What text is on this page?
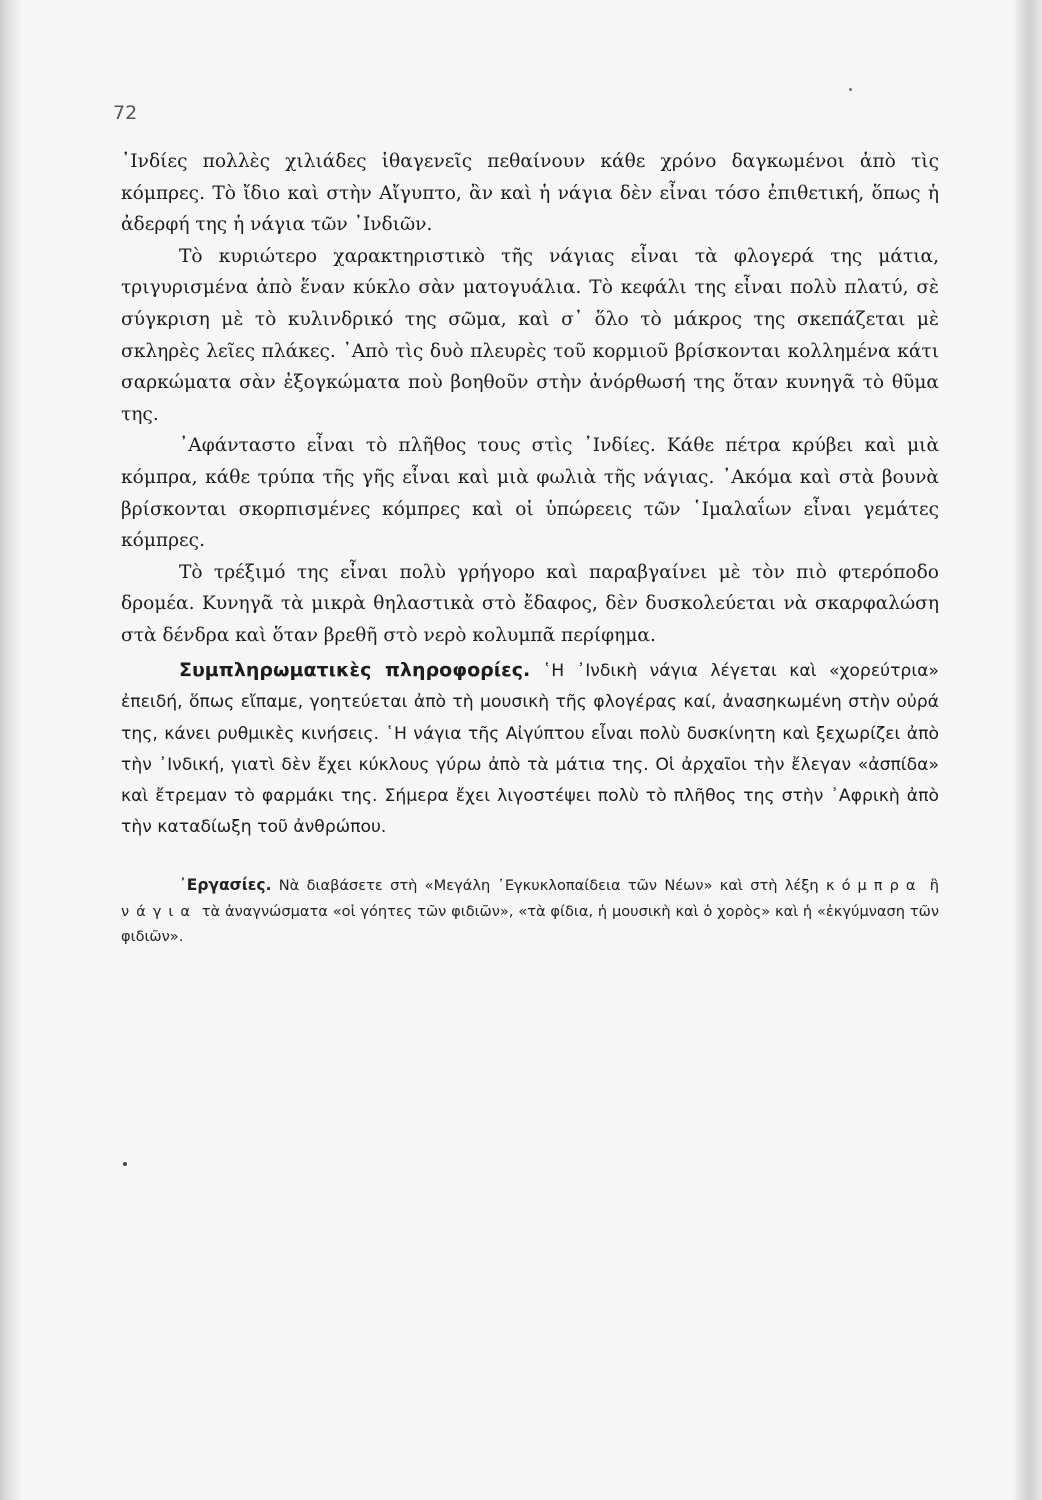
72

᾿Ινδίες πολλὲς χιλιάδες ἰθαγενεῖς πεθαίνουν κάθε χρόνο δαγκωμένοι ἀπὸ τὶς κόμπρες. Τὸ ἴδιο καὶ στὴν Αἴγυπτο, ἂν καὶ ἡ νάγια δὲν εἶναι τόσο ἐπιθετική, ὅπως ἡ ἀδερφή της ἡ νάγια τῶν ᾿Ινδιῶν.

Τὸ κυριώτερο χαρακτηριστικὸ τῆς νάγιας εἶναι τὰ φλογερά της μάτια, τριγυρισμένα ἀπὸ ἕναν κύκλο σὰν ματογυάλια. Τὸ κεφάλι της εἶναι πολὺ πλατύ, σὲ σύγκριση μὲ τὸ κυλινδρικό της σῶμα, καὶ σ᾿ ὅλο τὸ μάκρος της σκεπάζεται μὲ σκληρὲς λεῖες πλάκες. ᾿Απὸ τὶς δυὸ πλευρὲς τοῦ κορμιοῦ βρίσκονται κολλημένα κάτι σαρκώματα σὰν ἐξογκώματα ποὺ βοηθοῦν στὴν ἀνόρθωσή της ὅταν κυνηγᾶ τὸ θῦμα της.

᾿Αφάνταστο εἶναι τὸ πλῆθος τους στὶς ᾿Ινδίες. Κάθε πέτρα κρύβει καὶ μιὰ κόμπρα, κάθε τρύπα τῆς γῆς εἶναι καὶ μιὰ φωλιὰ τῆς νάγιας. ᾿Ακόμα καὶ στὰ βουνὰ βρίσκονται σκορπισμένες κόμπρες καὶ οἱ ὑπώρεεις τῶν ῾Ιμαλαΐων εἶναι γεμάτες κόμπρες.

Τὸ τρέξιμό της εἶναι πολὺ γρήγορο καὶ παραβγαίνει μὲ τὸν πιὸ φτερόποδο δρομέα. Κυνηγᾶ τὰ μικρὰ θηλαστικὰ στὸ ἔδαφος, δὲν δυσκολεύεται νὰ σκαρφαλώση στὰ δένδρα καὶ ὅταν βρεθῆ στὸ νερὸ κολυμπᾶ περίφημα.

Συμπληρωματικὲς πληροφορίες. ῾Η ᾿Ινδικὴ νάγια λέγεται καὶ «χορεύτρια» ἐπειδή, ὅπως εἴπαμε, γοητεύεται ἀπὸ τὴ μουσικὴ τῆς φλογέρας καί, ἀνασηκωμένη στὴν οὐρά της, κάνει ρυθμικὲς κινήσεις. ῾Η νάγια τῆς Αἰγύπτου εἶναι πολὺ δυσκίνητη καὶ ξεχωρίζει ἀπὸ τὴν ᾿Ινδική, γιατὶ δὲν ἔχει κύκλους γύρω ἀπὸ τὰ μάτια της. Οἱ ἀρχαῖοι τὴν ἔλεγαν «ἀσπίδα» καὶ ἔτρεμαν τὸ φαρμάκι της. Σήμερα ἔχει λιγοστέψει πολὺ τὸ πλῆθος της στὴν ᾿Αφρικὴ ἀπὸ τὴν καταδίωξη τοῦ ἀνθρώπου.
᾿Εργασίες. Νὰ διαβάσετε στὴ «Μεγάλη ῾Εγκυκλοπαίδεια τῶν Νέων» καὶ στὴ λέξη κόμπρα ἢ νάγια τὰ ἀναγνώσματα «οἱ γόητες τῶν φιδιῶν», «τὰ φίδια, ἡ μουσικὴ καὶ ὁ χορὸς» καὶ ἡ «ἐκγύμναση τῶν φιδιῶν».
